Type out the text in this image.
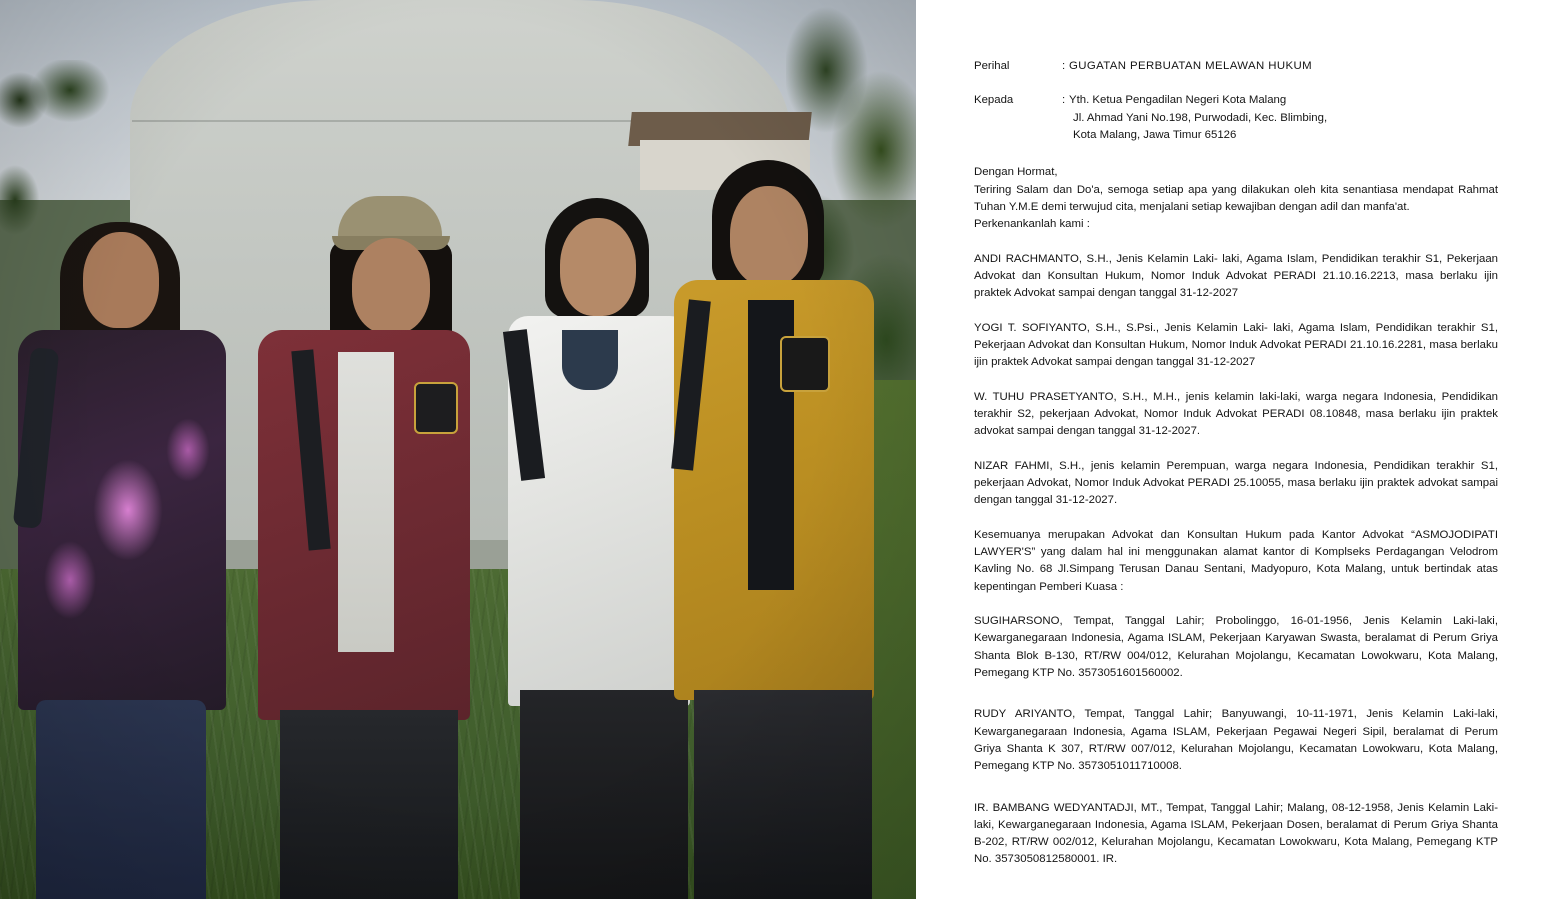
Perihal	: GUGATAN PERBUATAN MELAWAN HUKUM
Kepada	: Yth. Ketua Pengadilan Negeri Kota Malang
Jl. Ahmad Yani No.198, Purwodadi, Kec. Blimbing,
Kota Malang, Jawa Timur 65126
Dengan Hormat,
Teriring Salam dan Do'a, semoga setiap apa yang dilakukan oleh kita senantiasa mendapat Rahmat Tuhan Y.M.E demi terwujud cita, menjalani setiap kewajiban dengan adil dan manfa'at.
Perkenankanlah kami :
ANDI RACHMANTO, S.H., Jenis Kelamin Laki- laki, Agama Islam, Pendidikan terakhir S1, Pekerjaan Advokat dan Konsultan Hukum, Nomor Induk Advokat PERADI 21.10.16.2213, masa berlaku ijin praktek Advokat sampai dengan tanggal 31-12-2027
YOGI T. SOFIYANTO, S.H., S.Psi., Jenis Kelamin Laki- laki, Agama Islam, Pendidikan terakhir S1, Pekerjaan Advokat dan Konsultan Hukum, Nomor Induk Advokat PERADI 21.10.16.2281, masa berlaku ijin praktek Advokat sampai dengan tanggal 31-12-2027
W. TUHU PRASETYANTO, S.H., M.H., jenis kelamin laki-laki, warga negara Indonesia, Pendidikan terakhir S2, pekerjaan Advokat, Nomor Induk Advokat PERADI 08.10848, masa berlaku ijin praktek advokat sampai dengan tanggal 31-12-2027.
NIZAR FAHMI, S.H., jenis kelamin Perempuan, warga negara Indonesia, Pendidikan terakhir S1, pekerjaan Advokat, Nomor Induk Advokat PERADI 25.10055, masa berlaku ijin praktek advokat sampai dengan tanggal 31-12-2027.
Kesemuanya merupakan Advokat dan Konsultan Hukum pada Kantor Advokat “ASMOJODIPATI LAWYER'S” yang dalam hal ini menggunakan alamat kantor di Komplseks Perdagangan Velodrom Kavling No. 68 Jl.Simpang Terusan Danau Sentani, Madyopuro, Kota Malang, untuk bertindak atas kepentingan Pemberi Kuasa :
SUGIHARSONO, Tempat, Tanggal Lahir; Probolinggo, 16-01-1956, Jenis Kelamin Laki-laki, Kewarganegaraan Indonesia, Agama ISLAM, Pekerjaan Karyawan Swasta, beralamat di Perum Griya Shanta Blok B-130, RT/RW 004/012, Kelurahan Mojolangu, Kecamatan Lowokwaru, Kota Malang, Pemegang KTP No. 3573051601560002.
RUDY ARIYANTO, Tempat, Tanggal Lahir; Banyuwangi, 10-11-1971, Jenis Kelamin Laki-laki, Kewarganegaraan Indonesia, Agama ISLAM, Pekerjaan Pegawai Negeri Sipil, beralamat di Perum Griya Shanta K 307, RT/RW 007/012, Kelurahan Mojolangu, Kecamatan Lowokwaru, Kota Malang, Pemegang KTP No. 3573051011710008.
IR. BAMBANG WEDYANTADJI, MT., Tempat, Tanggal Lahir; Malang, 08-12-1958, Jenis Kelamin Laki-laki, Kewarganegaraan Indonesia, Agama ISLAM, Pekerjaan Dosen, beralamat di Perum Griya Shanta B-202, RT/RW 002/012, Kelurahan Mojolangu, Kecamatan Lowokwaru, Kota Malang, Pemegang KTP No. 3573050812580001. IR.
